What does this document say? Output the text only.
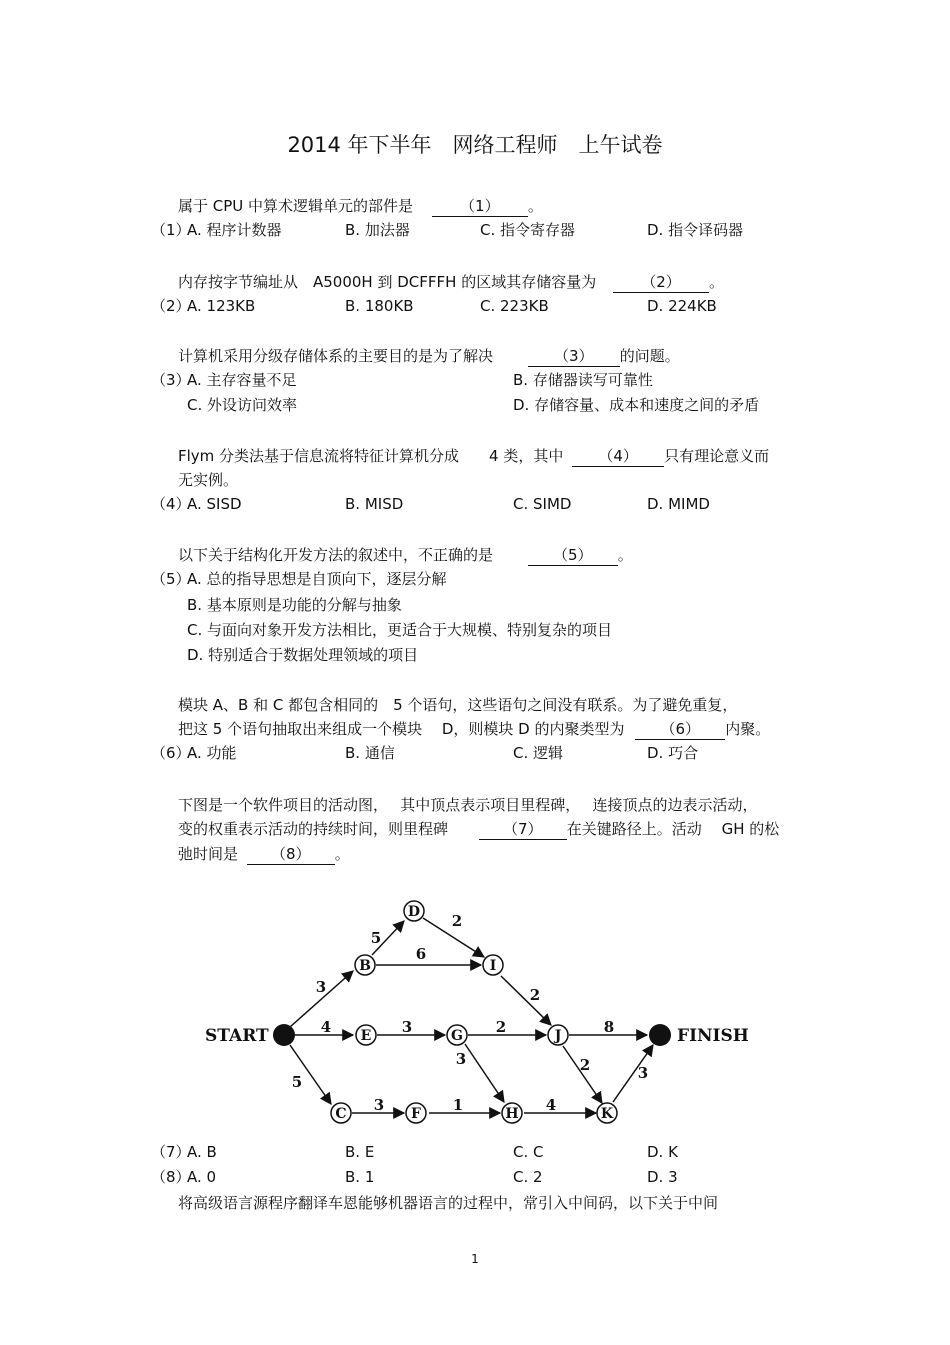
2014 年下半年　网络工程师　上午试卷
属于 CPU 中算术逻辑单元的部件是	（1） 。
（1）
A. 程序计数器	B. 加法器	C. 指令寄存器	D. 指令译码器
内存按字节编址从　A5000H 到 DCFFFH 的区域其存储容量为	（2） 。
（2）
A. 123KB	B. 180KB	C. 223KB	D. 224KB
计算机采用分级存储体系的主要目的是为了解决	（3） 的问题。
（3）
A. 主存容量不足	B. 存储器读写可靠性
C. 外设访问效率	D. 存储容量、成本和速度之间的矛盾
Flym 分类法基于信息流将特征计算机分成　　4 类，其中 （4） 只有理论意义而
无实例。
（4）
A. SISD	B. MISD	C. SIMD	D. MIMD
以下关于结构化开发方法的叙述中，不正确的是	（5） 。
（5）
A. 总的指导思想是自顶向下，逐层分解
B. 基本原则是功能的分解与抽象
C. 与面向对象开发方法相比，更适合于大规模、特别复杂的项目
D. 特别适合于数据处理领域的项目
模块 A、B 和 C 都包含相同的　5 个语句，这些语句之间没有联系。为了避免重复，
把这 5 个语句抽取出来组成一个模块　 D，则模块 D 的内聚类型为 （6） 内聚。
（6）
A. 功能	B. 通信	C. 逻辑	D. 巧合
下图是一个软件项目的活动图，　 其中顶点表示项目里程碑，　 连接顶点的边表示活动，
变的权重表示活动的持续时间，则里程碑	（7） 在关键路径上。活动　 GH 的松
弛时间是 （8） 。
B
D
I
E	G	J
C	F	H	K
START	FINISH
3
4
5
5
6
2
3	2
3
3	1	4
2
8
2	3
（7）
A. B	B. E	C. C	D. K
（8）
A. 0	B. 1	C. 2	D. 3
将高级语言源程序翻译车恩能够机器语言的过程中，常引入中间码，以下关于中间
1
